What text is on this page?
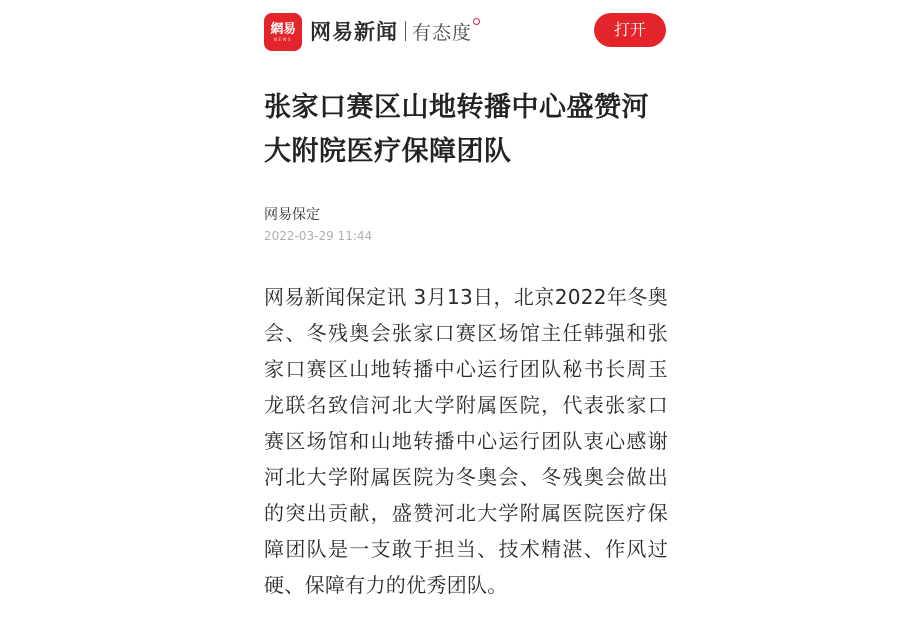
網易
NEWS 网易新闻 有态度	打开
张家口赛区山地转播中心盛赞河大附院医疗保障团队
网易保定
2022-03-29 11:44

网易新闻保定讯 3月13日，北京2022年冬奥会、冬残奥会张家口赛区场馆主任韩强和张家口赛区山地转播中心运行团队秘书长周玉龙联名致信河北大学附属医院，代表张家口赛区场馆和山地转播中心运行团队衷心感谢河北大学附属医院为冬奥会、冬残奥会做出的突出贡献，盛赞河北大学附属医院医疗保障团队是一支敢于担当、技术精湛、作风过硬、保障有力的优秀团队。
